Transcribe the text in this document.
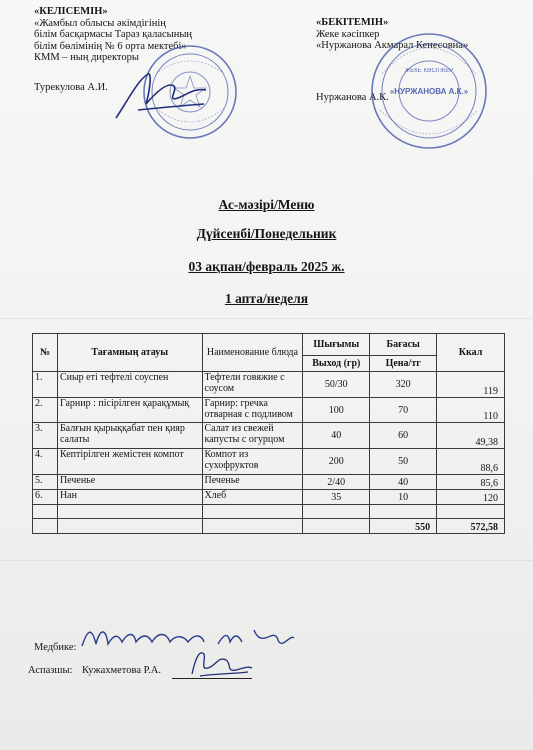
«КЕЛІСЕМІН»
«Жамбыл облысы әкімдігінің
білім басқармасы Тараз қаласының
білім бөлімінің № 6 орта мектебі»
КММ – ның директоры
Турекулова А.И.
«БЕКІТЕМІН»
Жеке кәсіпкер
«Нуржанова Акмарал Кенесовна»
Нуржанова А.К.
ЖЕКЕ КӘСІПКЕР
«НУРЖАНОВА А.К.»
Ас-мәзірі/Меню
Дүйсенбі/Понедельник
03 ақпан/февраль 2025 ж.
1 апта/неделя
№	Тағамның атауы	Наименование блюда	Шығымы	Бағасы	Ккал
			Выход (гр)	Цена/тг	
1.	Сиыр еті тефтелі соуспен	Тефтели говяжие с соусом	50/30	320	119
2.	Гарнир : пісірілген қарақұмық	Гарнир: гречка отварная с подливом	100	70	110
3.	Балғын қырыққабат пен қияр салаты	Салат из свежей капусты с огурцом	40	60	49,38
4.	Кептірілген жемістен компот	Компот из сухофруктов	200	50	88,6
5.	Печенье	Печенье	2/40	40	85,6
6.	Нан	Хлеб	35	10	120

				550	572,58
Медбике:
Аспазшы: Кужахметова Р.А.
